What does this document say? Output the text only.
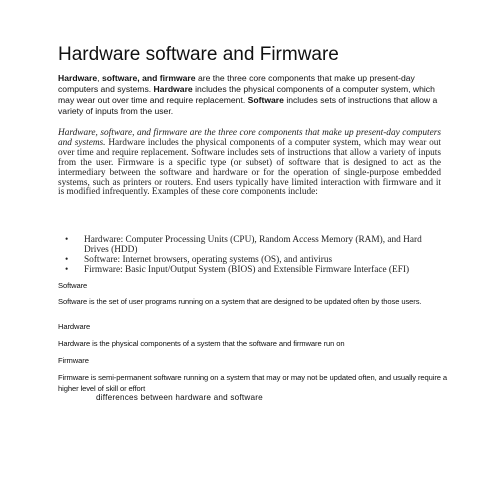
Hardware software and Firmware

Hardware, software, and firmware are the three core components that make up present-day computers and systems. Hardware includes the physical components of a computer system, which may wear out over time and require replacement. Software includes sets of instructions that allow a variety of inputs from the user.

Hardware, software, and firmware are the three core components that make up present-day computers and systems. Hardware includes the physical components of a computer system, which may wear out over time and require replacement. Software includes sets of instructions that allow a variety of inputs from the user. Firmware is a specific type (or subset) of software that is designed to act as the intermediary between the software and hardware or for the operation of single-purpose embedded systems, such as printers or routers. End users typically have limited interaction with firmware and it is modified infrequently. Examples of these core components include:

• Hardware: Computer Processing Units (CPU), Random Access Memory (RAM), and Hard Drives (HDD)
• Software: Internet browsers, operating systems (OS), and antivirus
• Firmware: Basic Input/Output System (BIOS) and Extensible Firmware Interface (EFI)

Software

Software is the set of user programs running on a system that are designed to be updated often by those users.

Hardware

Hardware is the physical components of a system that the software and firmware run on

Firmware

Firmware is semi-permanent software running on a system that may or may not be updated often, and usually require a higher level of skill or effort

differences between hardware and software
